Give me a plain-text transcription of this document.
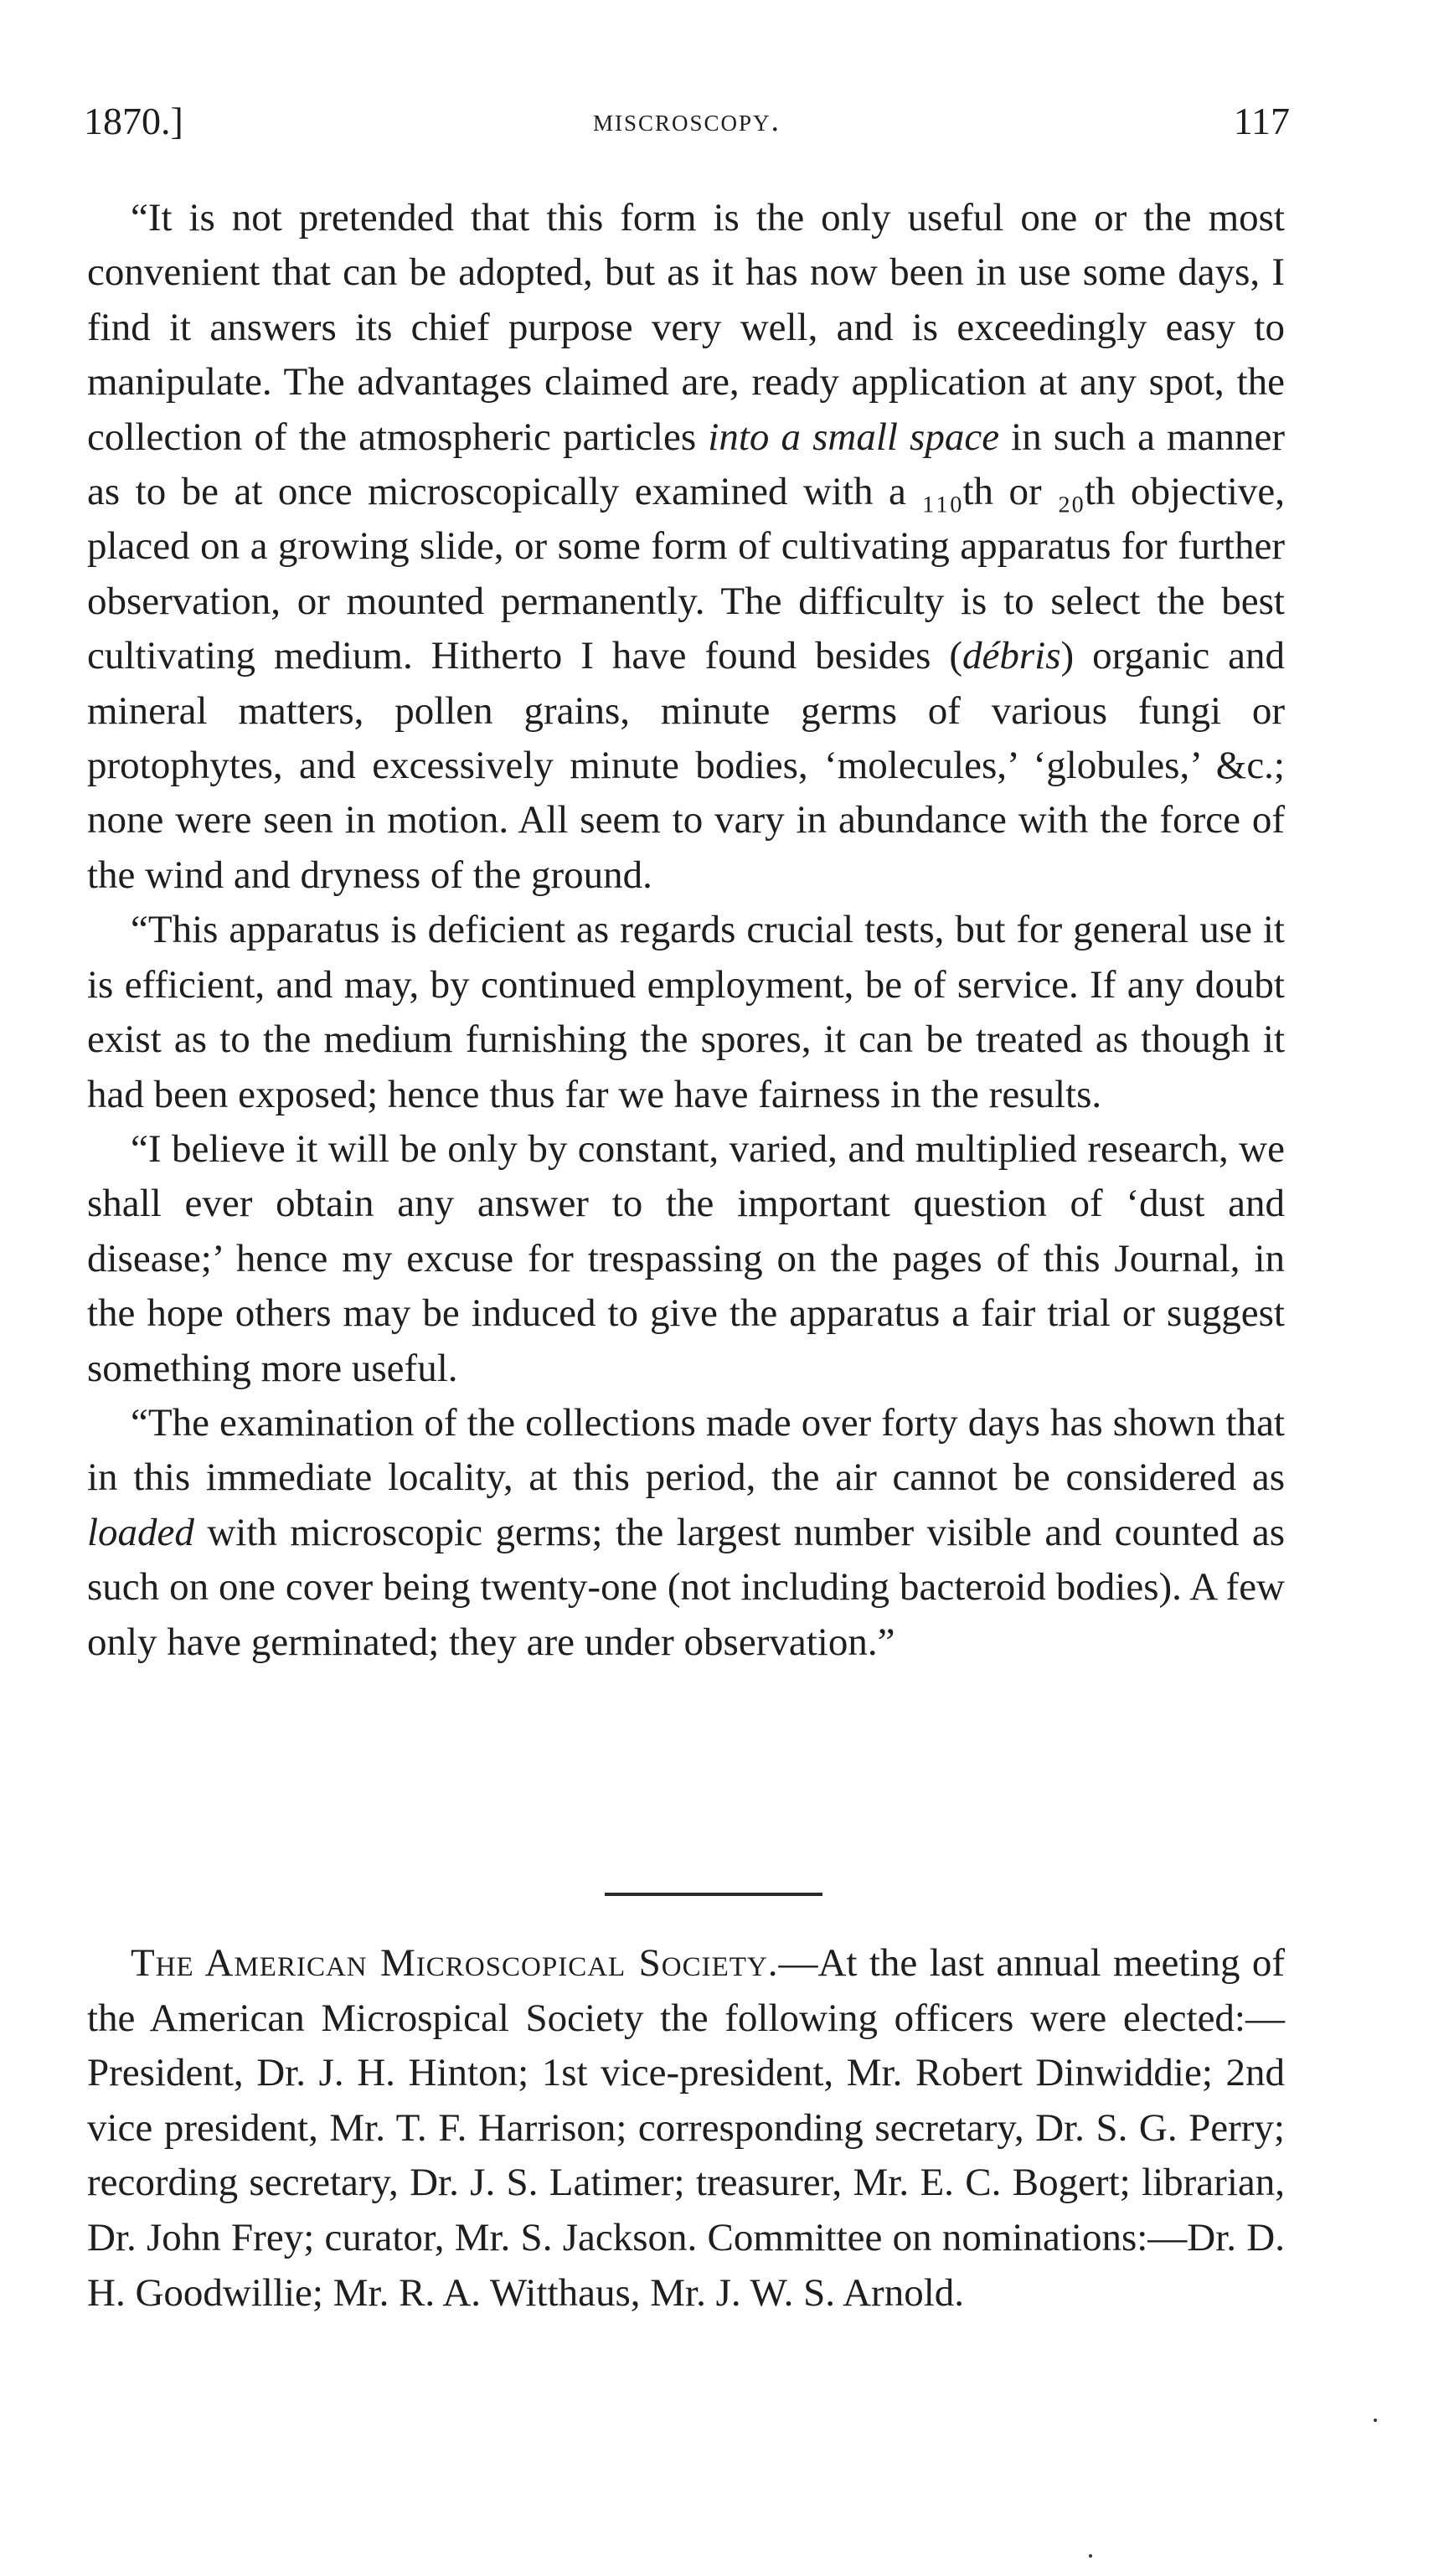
1870.]	miscroscopy.	117

“It is not pretended that this form is the only useful one or the most convenient that can be adopted, but as it has now been in use some days, I find it answers its chief purpose very well, and is exceedingly easy to manipulate. The advantages claimed are, ready application at any spot, the collection of the atmospheric particles into a small space in such a manner as to be at once microscopically examined with a ₁₁₀th or ₂₀th objective, placed on a growing slide, or some form of cultivating apparatus for further observation, or mounted permanently. The difficulty is to select the best cultivating medium. Hitherto I have found besides (débris) organic and mineral matters, pollen grains, minute germs of various fungi or protophytes, and excessively minute bodies, ‘molecules,’ ‘globules,’ &c.; none were seen in motion. All seem to vary in abundance with the force of the wind and dryness of the ground.

“This apparatus is deficient as regards crucial tests, but for general use it is efficient, and may, by continued employment, be of service. If any doubt exist as to the medium furnishing the spores, it can be treated as though it had been exposed; hence thus far we have fairness in the results.

“I believe it will be only by constant, varied, and multiplied research, we shall ever obtain any answer to the important question of ‘dust and disease;’ hence my excuse for trespassing on the pages of this Journal, in the hope others may be induced to give the apparatus a fair trial or suggest something more useful.

“The examination of the collections made over forty days has shown that in this immediate locality, at this period, the air cannot be considered as loaded with microscopic germs; the largest number visible and counted as such on one cover being twenty-one (not including bacteroid bodies). A few only have germinated; they are under observation.”

The American Microscopical Society.—At the last annual meeting of the American Microspical Society the following officers were elected:—President, Dr. J. H. Hinton; 1st vice-president, Mr. Robert Dinwiddie; 2nd vice president, Mr. T. F. Harrison; corresponding secretary, Dr. S. G. Perry; recording secretary, Dr. J. S. Latimer; treasurer, Mr. E. C. Bogert; librarian, Dr. John Frey; curator, Mr. S. Jackson. Committee on nominations:—Dr. D. H. Goodwillie; Mr. R. A. Witthaus, Mr. J. W. S. Arnold.
